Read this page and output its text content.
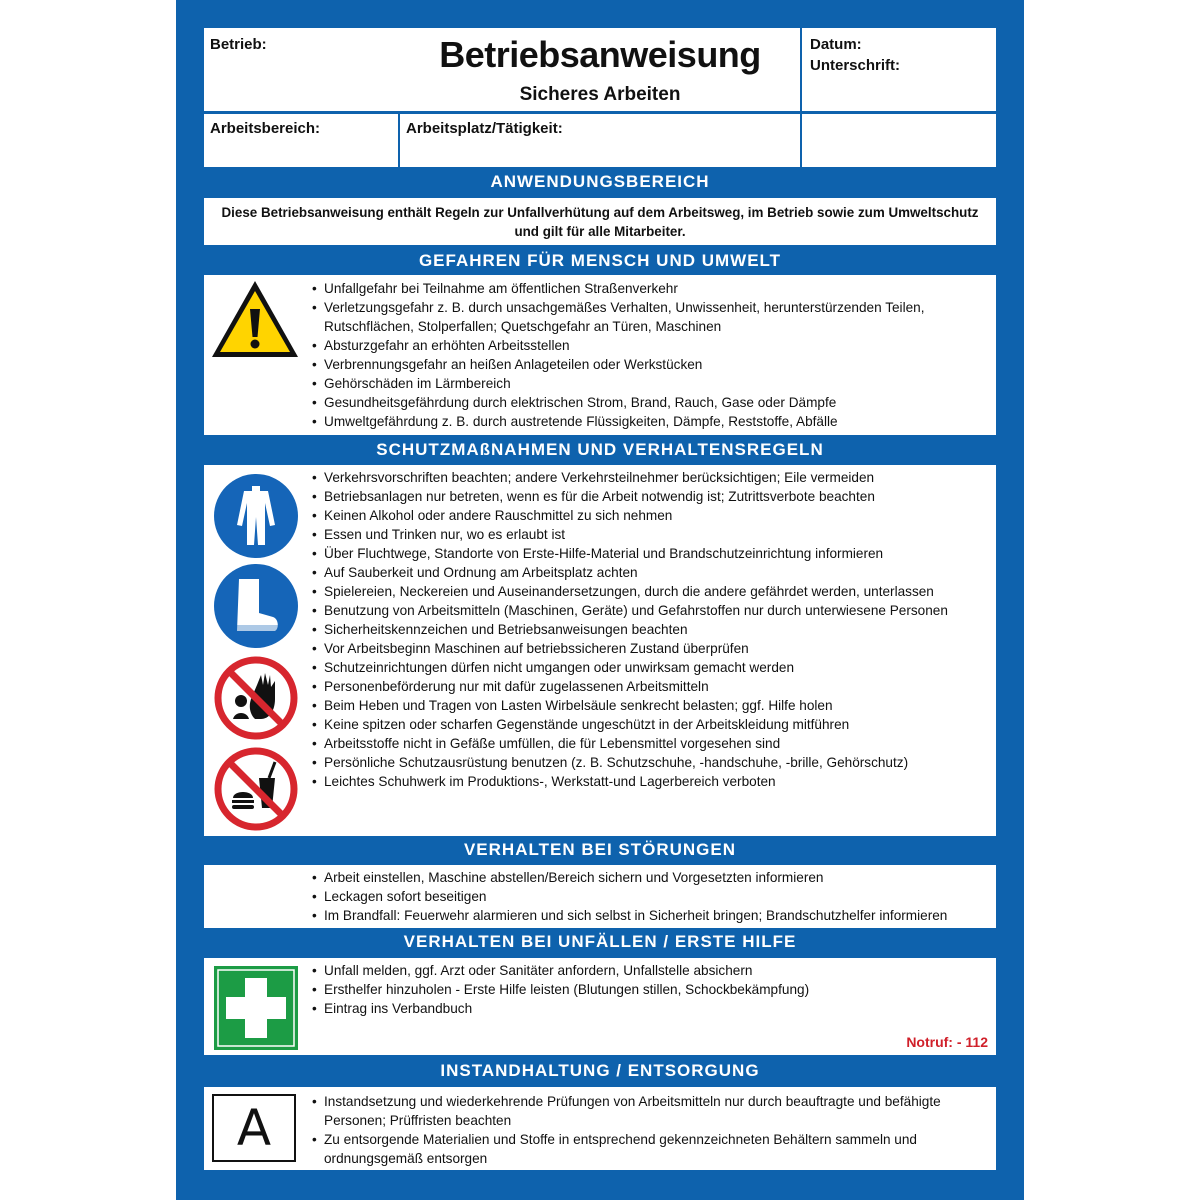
Betrieb:	Betriebsanweisung
Sicheres Arbeiten
Datum:
Unterschrift:
Arbeitsbereich:	Arbeitsplatz/Tätigkeit:
ANWENDUNGSBEREICH
Diese Betriebsanweisung enthält Regeln zur Unfallverhütung auf dem Arbeitsweg, im Betrieb sowie zum Umweltschutz
und gilt für alle Mitarbeiter.
GEFAHREN FÜR MENSCH UND UMWELT
• Unfallgefahr bei Teilnahme am öffentlichen Straßenverkehr
• Verletzungsgefahr z. B. durch unsachgemäßes Verhalten, Unwissenheit, herunterstürzenden Teilen, Rutschflächen, Stolperfallen; Quetschgefahr an Türen, Maschinen
• Absturzgefahr an erhöhten Arbeitsstellen
• Verbrennungsgefahr an heißen Anlageteilen oder Werkstücken
• Gehörschäden im Lärmbereich
• Gesundheitsgefährdung durch elektrischen Strom, Brand, Rauch, Gase oder Dämpfe
• Umweltgefährdung z. B. durch austretende Flüssigkeiten, Dämpfe, Reststoffe, Abfälle
SCHUTZMAßNAHMEN UND VERHALTENSREGELN
• Verkehrsvorschriften beachten; andere Verkehrsteilnehmer berücksichtigen; Eile vermeiden
• Betriebsanlagen nur betreten, wenn es für die Arbeit notwendig ist; Zutrittsverbote beachten
• Keinen Alkohol oder andere Rauschmittel zu sich nehmen
• Essen und Trinken nur, wo es erlaubt ist
• Über Fluchtwege, Standorte von Erste-Hilfe-Material und Brandschutzeinrichtung informieren
• Auf Sauberkeit und Ordnung am Arbeitsplatz achten
• Spielereien, Neckereien und Auseinandersetzungen, durch die andere gefährdet werden, unterlassen
• Benutzung von Arbeitsmitteln (Maschinen, Geräte) und Gefahrstoffen nur durch unterwiesene Personen
• Sicherheitskennzeichen und Betriebsanweisungen beachten
• Vor Arbeitsbeginn Maschinen auf betriebssicheren Zustand überprüfen
• Schutzeinrichtungen dürfen nicht umgangen oder unwirksam gemacht werden
• Personenbeförderung nur mit dafür zugelassenen Arbeitsmitteln
• Beim Heben und Tragen von Lasten Wirbelsäule senkrecht belasten; ggf. Hilfe holen
• Keine spitzen oder scharfen Gegenstände ungeschützt in der Arbeitskleidung mitführen
• Arbeitsstoffe nicht in Gefäße umfüllen, die für Lebensmittel vorgesehen sind
• Persönliche Schutzausrüstung benutzen (z. B. Schutzschuhe, -handschuhe, -brille, Gehörschutz)
• Leichtes Schuhwerk im Produktions-, Werkstatt-und Lagerbereich verboten
VERHALTEN BEI STÖRUNGEN
• Arbeit einstellen, Maschine abstellen/Bereich sichern und Vorgesetzten informieren
• Leckagen sofort beseitigen
• Im Brandfall: Feuerwehr alarmieren und sich selbst in Sicherheit bringen; Brandschutzhelfer informieren
VERHALTEN BEI UNFÄLLEN / ERSTE HILFE
• Unfall melden, ggf. Arzt oder Sanitäter anfordern, Unfallstelle absichern
• Ersthelfer hinzuholen - Erste Hilfe leisten (Blutungen stillen, Schockbekämpfung)
• Eintrag ins Verbandbuch
Notruf: - 112
INSTANDHALTUNG / ENTSORGUNG
A
•	Instandsetzung und wiederkehrende Prüfungen von Arbeitsmitteln nur durch beauftragte und befähigte Personen; Prüffristen beachten
• Zu entsorgende Materialien und Stoffe in entsprechend gekennzeichneten Behältern sammeln und ordnungsgemäß entsorgen
